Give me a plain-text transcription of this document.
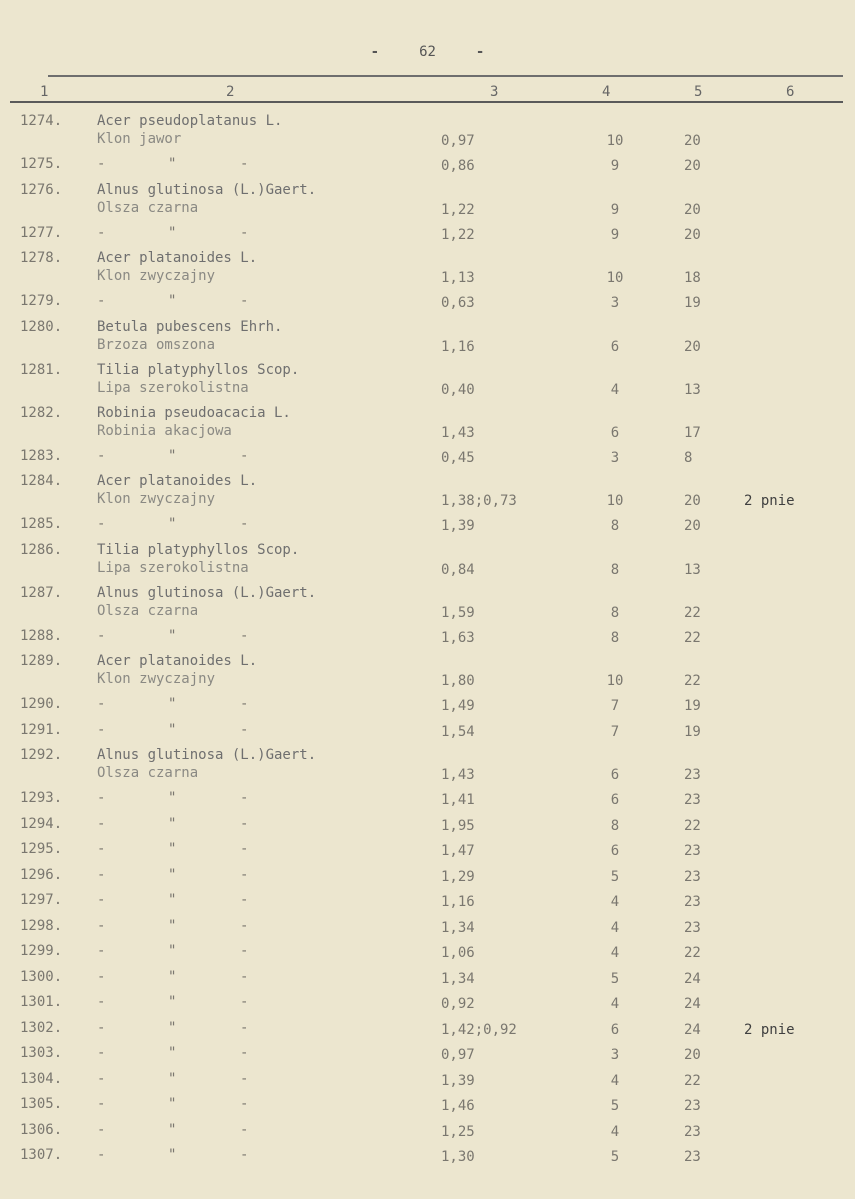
-	62	-
1	2	3	4	5	6
1274. Acer pseudoplatanus L.
Klon jawor	0,97	10	20
1275. -	"	-	0,86	9	20
1276. Alnus glutinosa (L.)Gaert.
Olsza czarna	1,22	9	20
1277. -	"	-	1,22	9	20
1278. Acer platanoides L.
Klon zwyczajny	1,13	10	18
1279. -	"	-	0,63	3	19
1280. Betula pubescens Ehrh.
Brzoza omszona	1,16	6	20
1281. Tilia platyphyllos Scop.
Lipa szerokolistna	0,40	4	13
1282. Robinia pseudoacacia L.
Robinia akacjowa	1,43	6	17
1283. -	"	-	0,45	3	8
1284. Acer platanoides L.
Klon zwyczajny	1,38;0,73	10	20	2 pnie
1285. -	"	-	1,39	8	20
1286. Tilia platyphyllos Scop.
Lipa szerokolistna	0,84	8	13
1287. Alnus glutinosa (L.)Gaert.
Olsza czarna	1,59	8	22
1288. -	"	-	1,63	8	22
1289. Acer platanoides L.
Klon zwyczajny	1,80	10	22
1290. -	"	-	1,49	7	19
1291. -	"	-	1,54	7	19
1292. Alnus glutinosa (L.)Gaert.
Olsza czarna	1,43	6	23
1293. -	"	-	1,41	6	23
1294. -	"	-	1,95	8	22
1295. -	"	-	1,47	6	23
1296. -	"	-	1,29	5	23
1297. -	"	-	1,16	4	23
1298. -	"	-	1,34	4	23
1299. -	"	-	1,06	4	22
1300. -	"	-	1,34	5	24
1301. -	"	-	0,92	4	24
1302. -	"	-	1,42;0,92	6	24	2 pnie
1303. -	"	-	0,97	3	20
1304. -	"	-	1,39	4	22
1305. -	"	-	1,46	5	23
1306. -	"	-	1,25	4	23
1307. -	"	-	1,30	5	23
